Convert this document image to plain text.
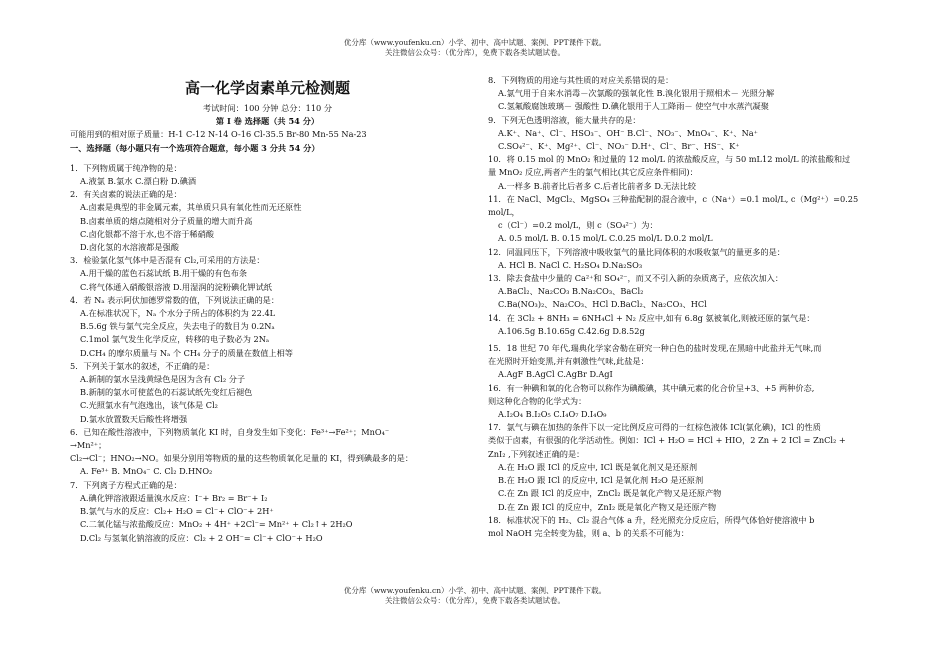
优分库（www.youfenku.cn）小学、初中、高中试题、案例、PPT课件下载。
关注微信公众号：（优分库），免费下载各类试题试卷。
高一化学卤素单元检测题
考试时间：100 分钟 总分：110 分
第 I 卷 选择题（共 54 分）
可能用到的相对原子质量：H-1 C-12 N-14 O-16 Cl-35.5 Br-80 Mn-55 Na-23
一、选择题（每小题只有一个选项符合题意，每小题 3 分共 54 分）
1．下列物质属于纯净物的是：
A.液氯 B.氯水 C.漂白粉 D.碘酒
2．有关卤素的说法正确的是：
A.卤素是典型的非金属元素，其单质只具有氧化性而无还原性
B.卤素单质的熔点随相对分子质量的增大而升高
C.卤化银都不溶于水,也不溶于稀硝酸
D.卤化氢的水溶液都是强酸
3．检验氯化氢气体中是否混有 Cl₂,可采用的方法是：
A.用干燥的蓝色石蕊试纸 B.用干燥的有色布条
C.将气体通入硝酸银溶液 D.用湿润的淀粉碘化钾试纸
4．若 Nₐ 表示阿伏加德罗常数的值，下列说法正确的是：
A.在标准状况下，Nₐ 个水分子所占的体积约为 22.4L
B.5.6g 铁与氯气完全反应，失去电子的数目为 0.2Nₐ
C.1mol 氯气发生化学反应，转移的电子数必为 2Nₐ
D.CH₄ 的摩尔质量与 Nₐ 个 CH₄ 分子的质量在数值上相等
5．下列关于氯水的叙述，不正确的是：
A.新制的氯水呈浅黄绿色是因为含有 Cl₂ 分子
B.新制的氯水可使蓝色的石蕊试纸先变红后褪色
C.光照氯水有气泡逸出，该气体是 Cl₂
D.氯水放置数天后酸性将增强
6．已知在酸性溶液中，下列物质氧化 KI 时，自身发生如下变化：Fe³⁺→Fe²⁺；MnO₄⁻
→Mn²⁺；
Cl₂→Cl⁻；HNO₂→NO。如果分别用等物质的量的这些物质氧化足量的 KI，得到碘最多的是：
A. Fe³⁺ B. MnO₄⁻ C. Cl₂ D.HNO₂
7．下列离子方程式正确的是：
A.碘化钾溶液跟适量溴水反应：I⁻+ Br₂ = Br⁻+ I₂
B.氯气与水的反应：Cl₂+ H₂O = Cl⁻+ ClO⁻+ 2H⁺
C.二氧化锰与浓盐酸反应：MnO₂ + 4H⁺ +2Cl⁻= Mn²⁺ + Cl₂↑+ 2H₂O
D.Cl₂ 与氢氧化钠溶液的反应：Cl₂ + 2 OH⁻= Cl⁻+ ClO⁻+ H₂O
8．下列物质的用途与其性质的对应关系错误的是：
A.氯气用于自来水消毒－次氯酸的强氧化性 B.溴化银用于照相术－ 光照分解
C.氢氟酸腐蚀玻璃－ 强酸性 D.碘化银用于人工降雨－ 使空气中水蒸汽凝聚
9．下列无色透明溶液，能大量共存的是：
A.K⁺、Na⁺、Cl⁻、HSO₃⁻、OH⁻ B.Cl⁻、NO₃⁻、MnO₄⁻、K⁺、Na⁺
C.SO₄²⁻、K⁺、Mg²⁺、Cl⁻、NO₃⁻ D.H⁺、Cl⁻、Br⁻、HS⁻、K⁺
10．将 0.15 mol 的 MnO₂ 和过量的 12 mol/L 的浓盐酸反应，与 50 mL12 mol/L 的浓盐酸和过
量 MnO₂ 反应,两者产生的氯气相比(其它反应条件相同)：
A.一样多 B.前者比后者多 C.后者比前者多 D.无法比较
11．在 NaCl、MgCl₂、MgSO₄ 三种盐配制的混合液中，c（Na⁺）=0.1 mol/L, c（Mg²⁺）=0.25
mol/L，
c（Cl⁻）=0.2 mol/L，则 c（SO₄²⁻）为：
A. 0.5 mol/L B. 0.15 mol/L C.0.25 mol/L D.0.2 mol/L
12．同温同压下，下列溶液中吸收氯气的量比同体积的水吸收氯气的量更多的是：
A. HCl B. NaCl C. H₂SO₄ D.Na₂SO₃
13．除去食盐中少量的 Ca²⁺和 SO₄²⁻，而又不引入新的杂质离子，应依次加入：
A.BaCl₂、Na₂CO₃ B.Na₂CO₃、BaCl₂
C.Ba(NO₃)₂、Na₂CO₃、HCl D.BaCl₂、Na₂CO₃、HCl
14．在 3Cl₂ + 8NH₃ = 6NH₄Cl + N₂ 反应中,如有 6.8g 氨被氧化,则被还原的氯气是：
A.106.5g B.10.65g C.42.6g D.8.52g
15．18 世纪 70 年代,瑞典化学家舍勒在研究一种白色的盐时发现,在黑暗中此盐并无气味,而
在光照时开始变黑,并有刺激性气味,此盐是：
A.AgF B.AgCl C.AgBr D.AgI
16．有一种碘和氧的化合物可以称作为碘酸碘，其中碘元素的化合价呈+3、+5 两种价态,
则这种化合物的化学式为：
A.I₂O₄ B.I₂O₅ C.I₄O₇ D.I₄O₉
17．氯气与碘在加热的条件下以一定比例反应可得的一红棕色液体 ICl(氯化碘)，ICl 的性质
类似于卤素，有很强的化学活动性。例如：ICl + H₂O = HCl + HIO，2 Zn + 2 ICl = ZnCl₂ +
ZnI₂ ,下列叙述正确的是：
A.在 H₂O 跟 ICl 的反应中, ICl 既是氧化剂又是还原剂
B.在 H₂O 跟 ICl 的反应中, ICl 是氧化剂 H₂O 是还原剂
C.在 Zn 跟 ICl 的反应中，ZnCl₂ 既是氧化产物又是还原产物
D.在 Zn 跟 ICl 的反应中，ZnI₂ 既是氧化产物又是还原产物
18．标准状况下的 H₂、Cl₂ 混合气体 a 升，经光照充分反应后，所得气体恰好使溶液中 b
mol NaOH 完全转变为盐，则 a、b 的关系不可能为：
优分库（www.youfenku.cn）小学、初中、高中试题、案例、PPT课件下载。
关注微信公众号：（优分库），免费下载各类试题试卷。
